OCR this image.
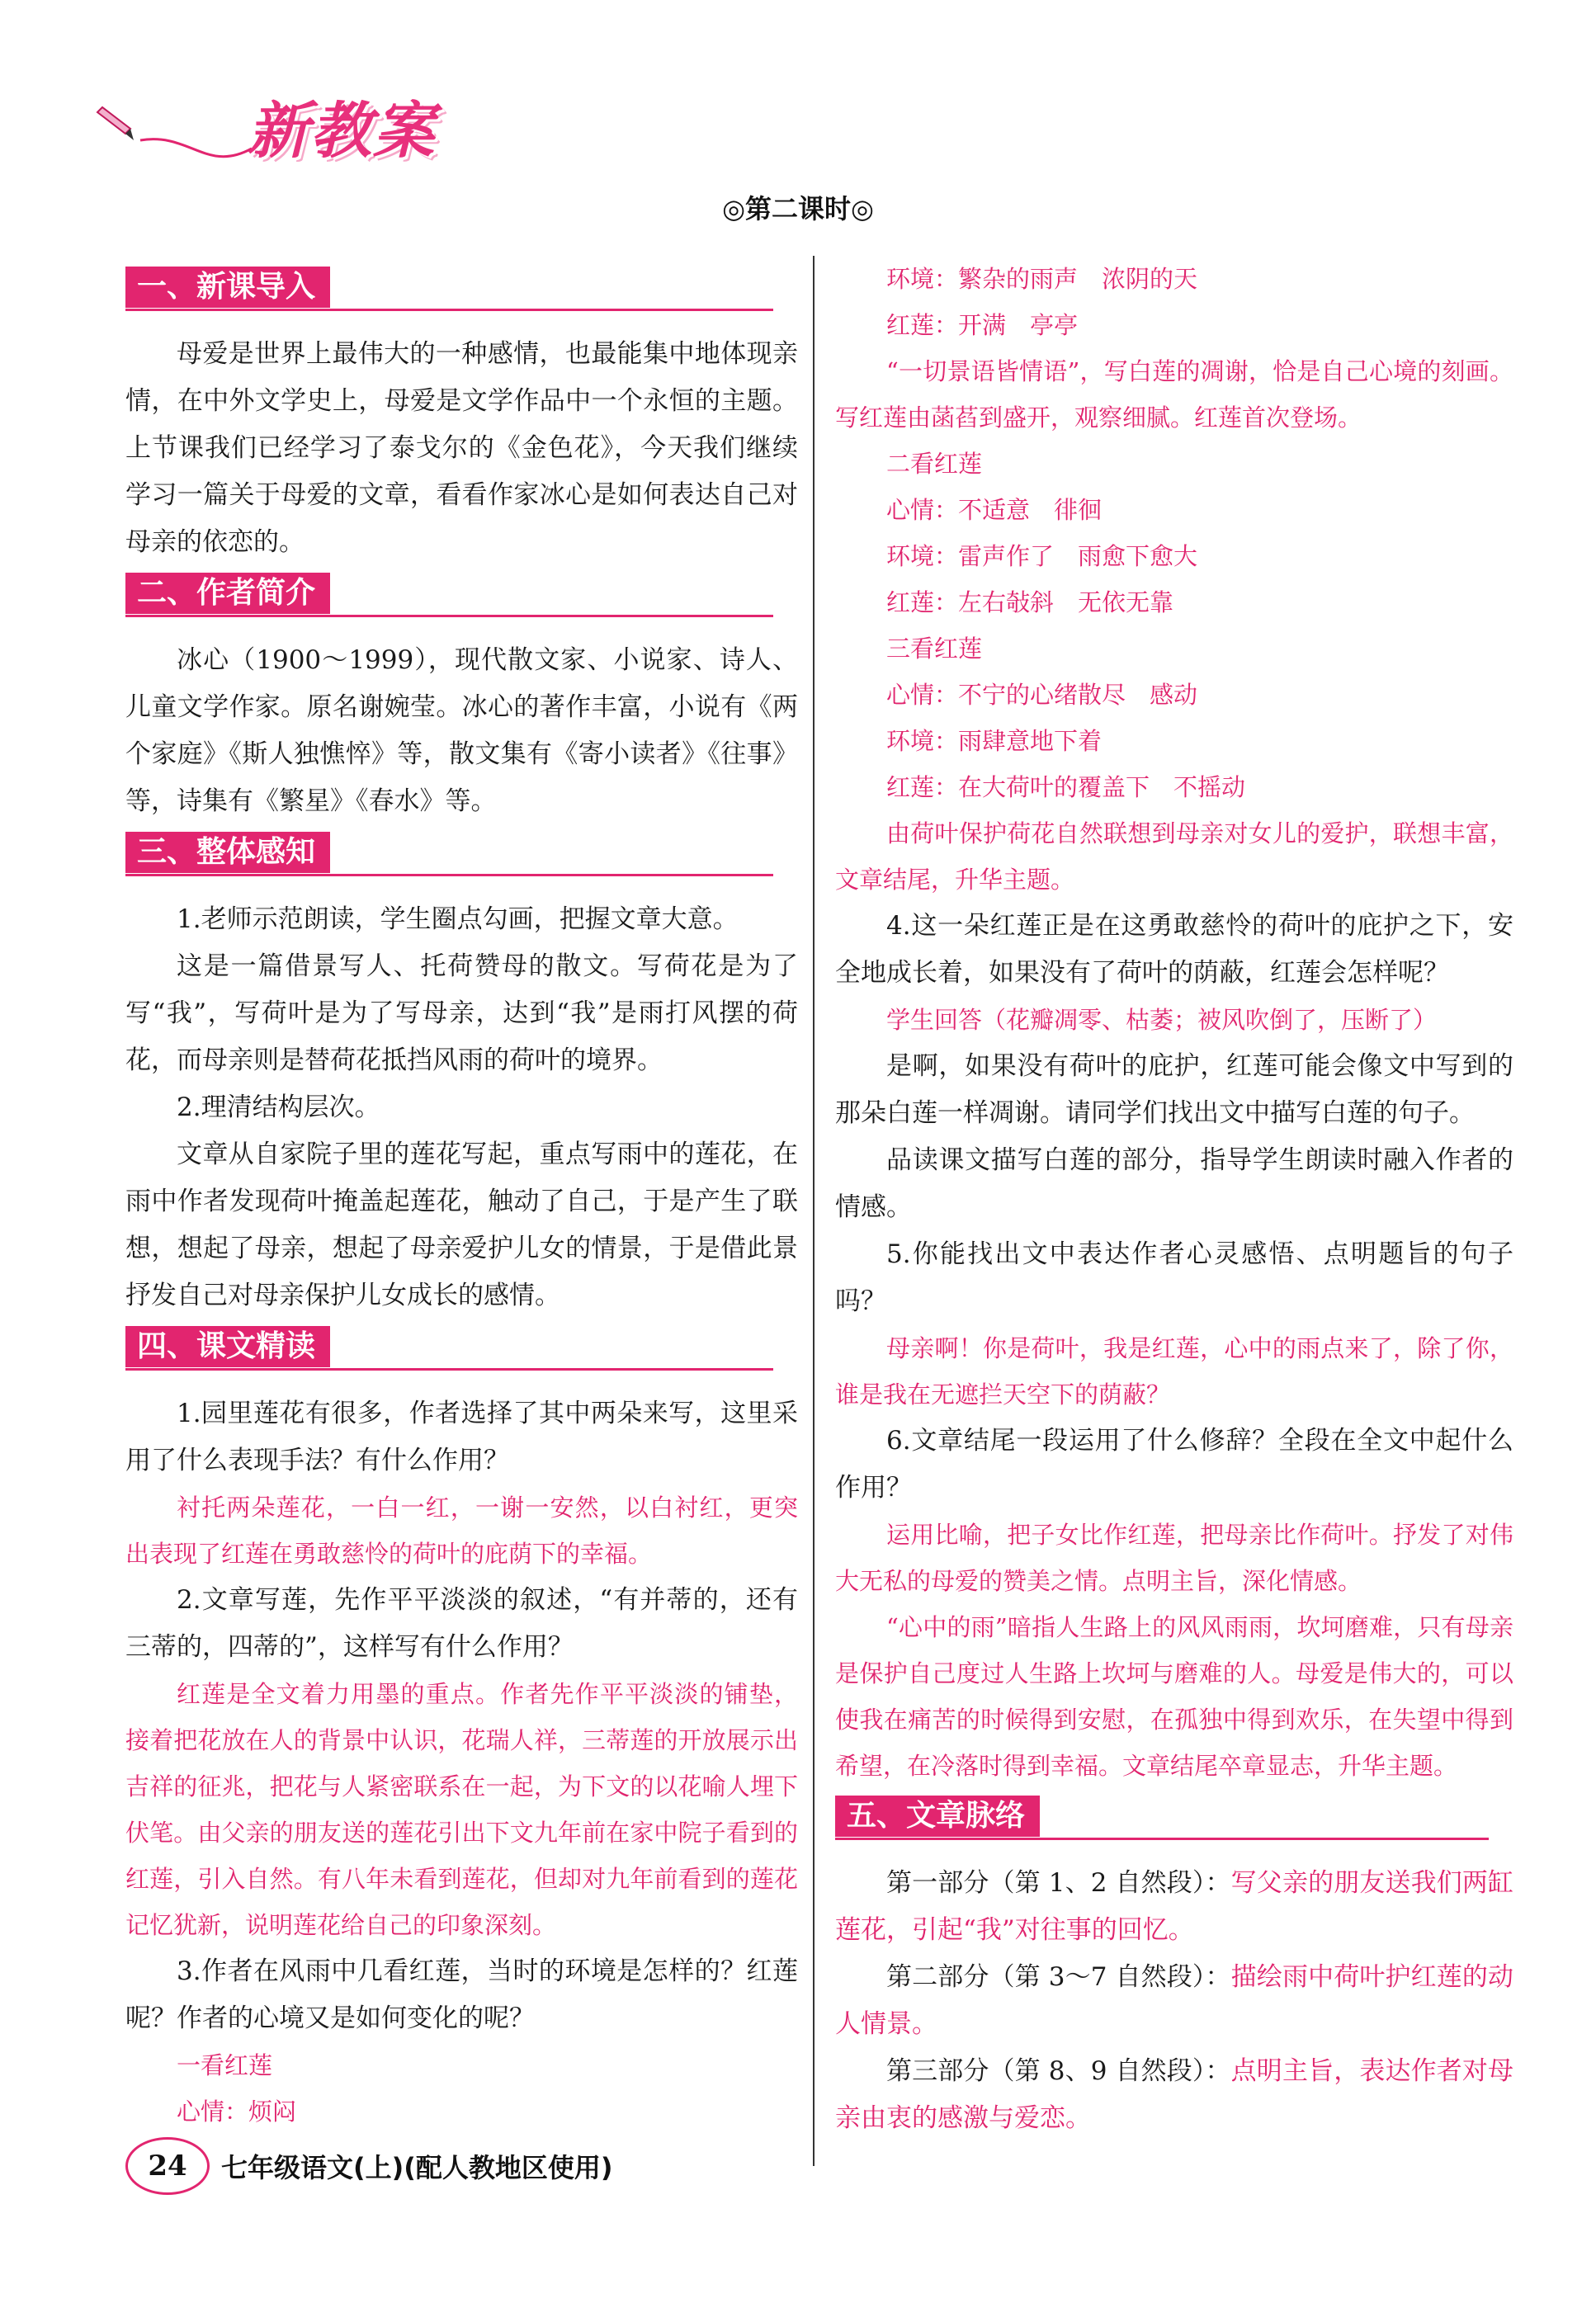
新教案
◎第二课时◎
一、新课导入

母爱是世界上最伟大的一种感情，也最能集中地体现亲情，在中外文学史上，母爱是文学作品中一个永恒的主题。上节课我们已经学习了泰戈尔的《金色花》，今天我们继续学习一篇关于母爱的文章，看看作家冰心是如何表达自己对母亲的依恋的。

二、作者简介

冰心（1900～1999），现代散文家、小说家、诗人、儿童文学作家。原名谢婉莹。冰心的著作丰富，小说有《两个家庭》《斯人独憔悴》等，散文集有《寄小读者》《往事》等，诗集有《繁星》《春水》等。

三、整体感知

1.老师示范朗读，学生圈点勾画，把握文章大意。

这是一篇借景写人、托荷赞母的散文。写荷花是为了写“我”，写荷叶是为了写母亲，达到“我”是雨打风摆的荷花，而母亲则是替荷花抵挡风雨的荷叶的境界。

2.理清结构层次。

文章从自家院子里的莲花写起，重点写雨中的莲花，在雨中作者发现荷叶掩盖起莲花，触动了自己，于是产生了联想，想起了母亲，想起了母亲爱护儿女的情景，于是借此景抒发自己对母亲保护儿女成长的感情。

四、课文精读

1.园里莲花有很多，作者选择了其中两朵来写，这里采用了什么表现手法？有什么作用？

衬托两朵莲花，一白一红，一谢一安然，以白衬红，更突出表现了红莲在勇敢慈怜的荷叶的庇荫下的幸福。

2.文章写莲，先作平平淡淡的叙述，“有并蒂的，还有三蒂的，四蒂的”，这样写有什么作用？

红莲是全文着力用墨的重点。作者先作平平淡淡的铺垫，接着把花放在人的背景中认识，花瑞人祥，三蒂莲的开放展示出吉祥的征兆，把花与人紧密联系在一起，为下文的以花喻人埋下伏笔。由父亲的朋友送的莲花引出下文九年前在家中院子看到的红莲，引入自然。有八年未看到莲花，但却对九年前看到的莲花记忆犹新，说明莲花给自己的印象深刻。

3.作者在风雨中几看红莲，当时的环境是怎样的？红莲呢？作者的心境又是如何变化的呢？

一看红莲

心情：烦闷

环境：繁杂的雨声　浓阴的天

红莲：开满　亭亭

“一切景语皆情语”，写白莲的凋谢，恰是自己心境的刻画。写红莲由菡萏到盛开，观察细腻。红莲首次登场。

二看红莲

心情：不适意　徘徊

环境：雷声作了　雨愈下愈大

红莲：左右敧斜　无依无靠

三看红莲

心情：不宁的心绪散尽　感动

环境：雨肆意地下着

红莲：在大荷叶的覆盖下　不摇动

由荷叶保护荷花自然联想到母亲对女儿的爱护，联想丰富，文章结尾，升华主题。

4.这一朵红莲正是在这勇敢慈怜的荷叶的庇护之下，安全地成长着，如果没有了荷叶的荫蔽，红莲会怎样呢？

学生回答（花瓣凋零、枯萎；被风吹倒了，压断了）

是啊，如果没有荷叶的庇护，红莲可能会像文中写到的那朵白莲一样凋谢。请同学们找出文中描写白莲的句子。

品读课文描写白莲的部分，指导学生朗读时融入作者的情感。

5.你能找出文中表达作者心灵感悟、点明题旨的句子吗？

母亲啊！你是荷叶，我是红莲，心中的雨点来了，除了你，谁是我在无遮拦天空下的荫蔽？

6.文章结尾一段运用了什么修辞？全段在全文中起什么作用？

运用比喻，把子女比作红莲，把母亲比作荷叶。抒发了对伟大无私的母爱的赞美之情。点明主旨，深化情感。

“心中的雨”暗指人生路上的风风雨雨，坎坷磨难，只有母亲是保护自己度过人生路上坎坷与磨难的人。母爱是伟大的，可以使我在痛苦的时候得到安慰，在孤独中得到欢乐，在失望中得到希望，在冷落时得到幸福。文章结尾卒章显志，升华主题。

五、文章脉络

第一部分（第 1、2 自然段）：写父亲的朋友送我们两缸莲花，引起“我”对往事的回忆。

第二部分（第 3～7 自然段）：描绘雨中荷叶护红莲的动人情景。

第三部分（第 8、9 自然段）：点明主旨，表达作者对母亲由衷的感激与爱恋。

24	七年级语文(上)(配人教地区使用)
